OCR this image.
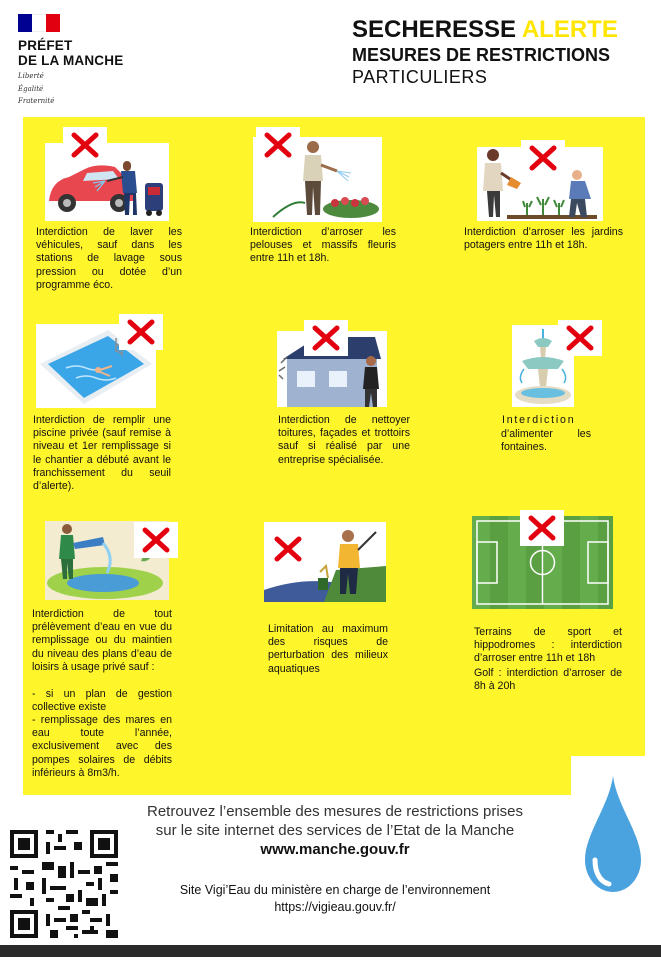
PRÉFET
DE LA MANCHE
Liberté
Égalité
Fraternité
SECHERESSE ALERTE
MESURES DE RESTRICTIONS
PARTICULIERS
Interdiction de laver les véhicules, sauf dans les stations de lavage sous pression ou dotée d’un programme éco.
Interdiction d’arroser les pelouses et massifs fleuris entre 11h et 18h.
Interdiction d’arroser les jardins potagers entre 11h et 18h.
Interdiction de remplir une piscine privée (sauf remise à niveau et 1er remplissage si le chantier a débuté avant le franchissement du seuil d’alerte).
Interdiction de nettoyer toitures, façades et trottoirs sauf si réalisé par une entreprise spécialisée.
Interdiction
d’alimenter les fontaines.
Interdiction de tout prélèvement d’eau en vue du remplissage ou du maintien du niveau des plans d’eau de loisirs à usage privé sauf :
- si un plan de gestion collective existe
- remplissage des mares en eau toute l’année, exclusivement avec des pompes solaires de débits inférieurs à 8m3/h.
Limitation au maximum des risques de perturbation des milieux aquatiques
Terrains de sport et hippodromes : interdiction d’arroser entre 11h et 18h
Golf : interdiction d’arroser de 8h à 20h
Retrouvez l’ensemble des mesures de restrictions prises
sur le site internet des services de l’Etat de la Manche
www.manche.gouv.fr
Site Vigi’Eau du ministère en charge de l’environnement
https://vigieau.gouv.fr/
